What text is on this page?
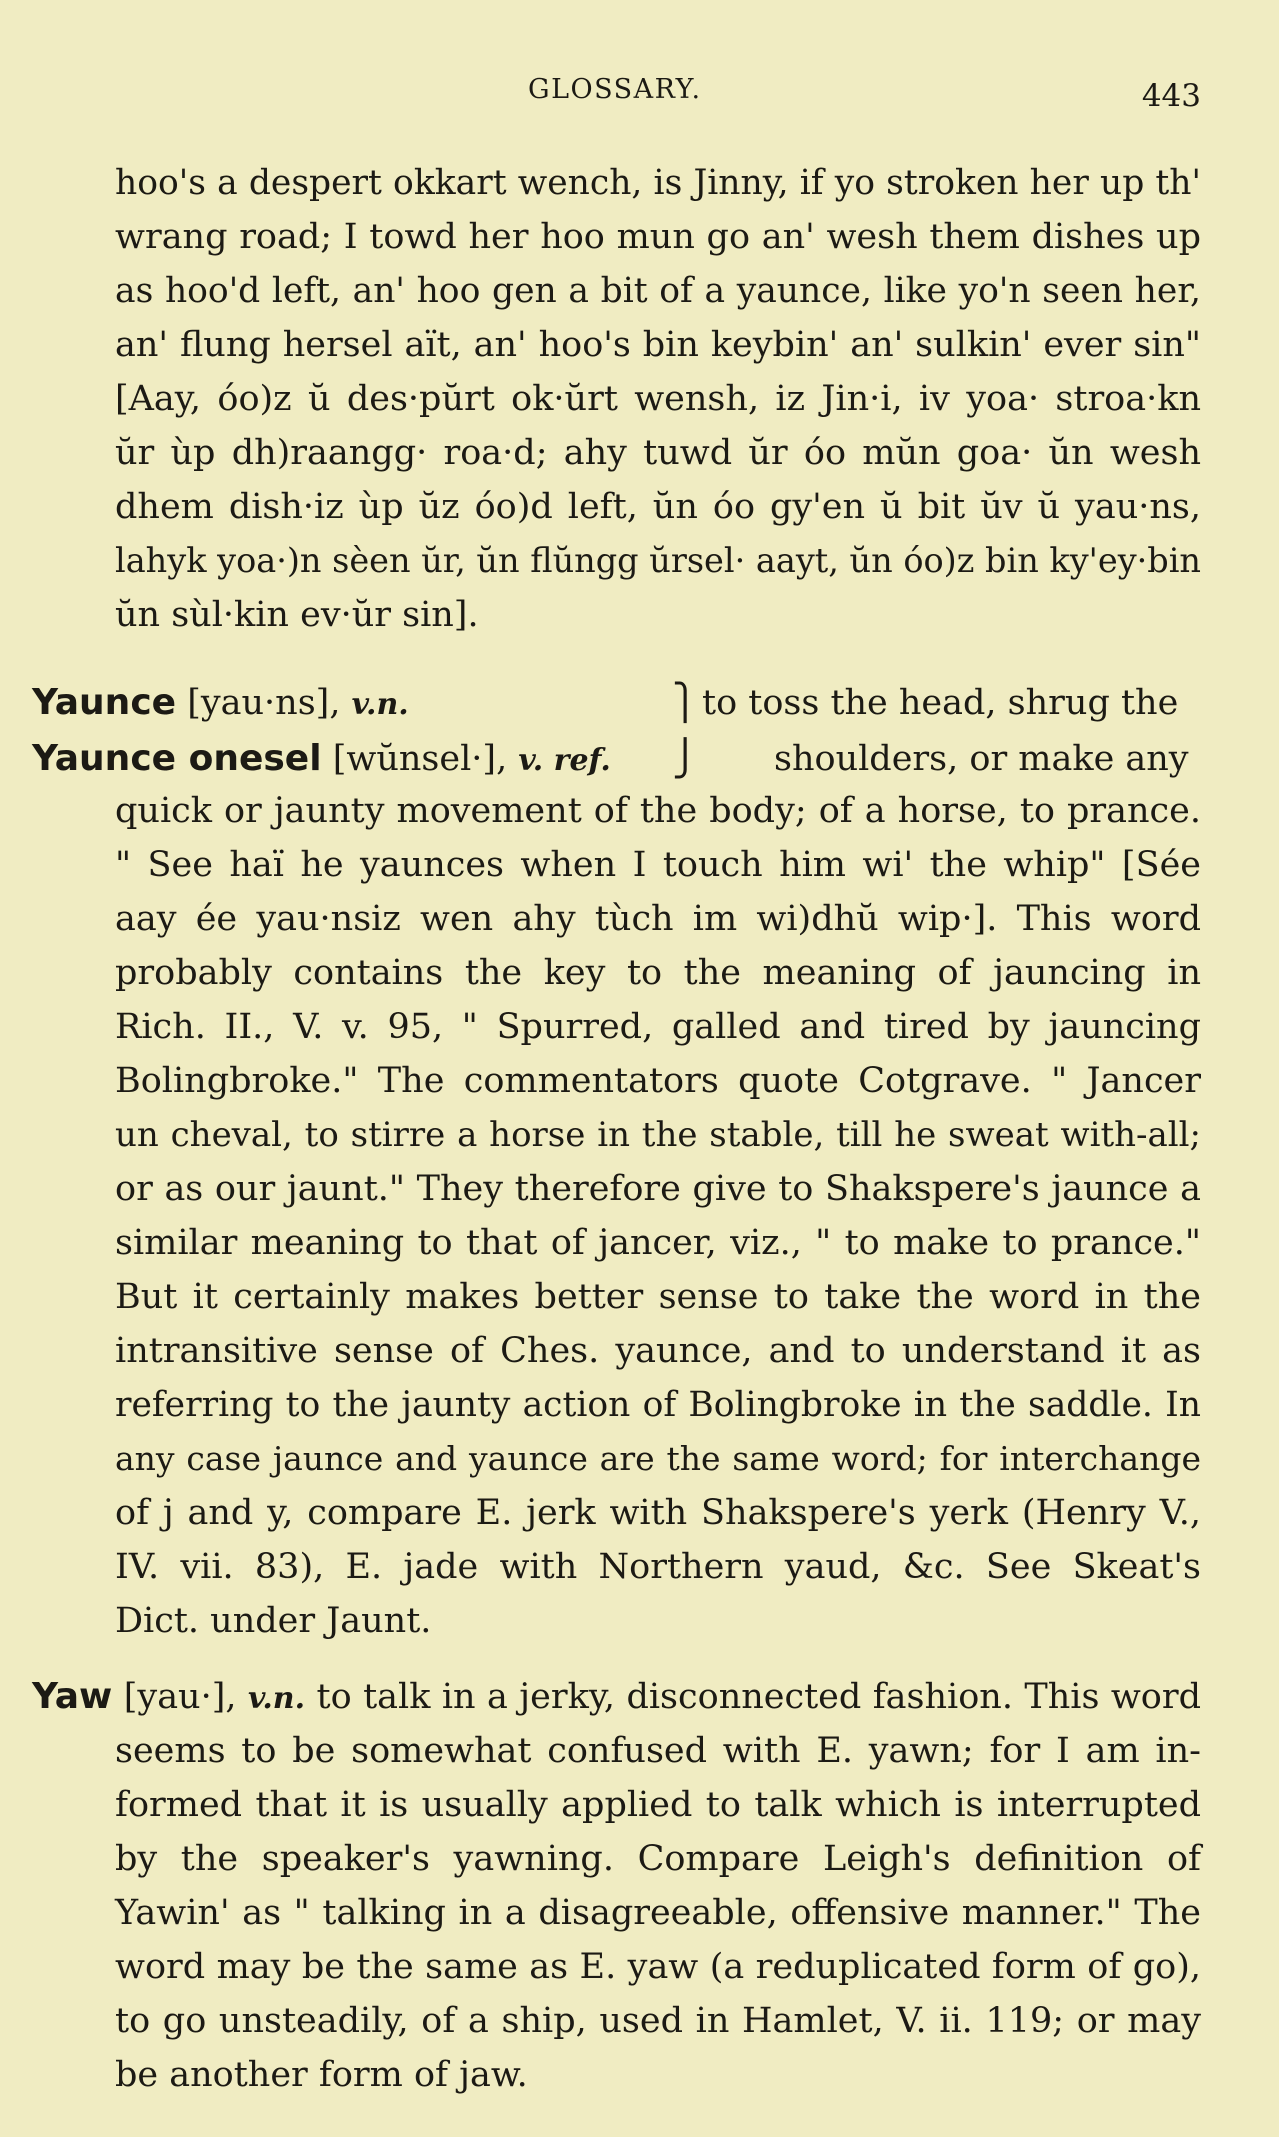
GLOSSARY.	443
hoo's a despert okkart wench, is Jinny, if yo stroken her up th'
wrang road; I towd her hoo mun go an' wesh them dishes up
as hoo'd left, an' hoo gen a bit of a yaunce, like yo'n seen her,
an' flung hersel aït, an' hoo's bin keybin' an' sulkin' ever sin"
[Aay, óo)z ŭ des·pŭrt ok·ŭrt wensh, iz Jin·i, iv yoa· stroa·kn
ŭr ùp dh)raangg· roa·d; ahy tuwd ŭr óo mŭn goa· ŭn wesh
dhem dish·iz ùp ŭz óo)d left, ŭn óo gy'en ŭ bit ŭv ŭ yau·ns,
lahyk yoa·)n sèen ŭr, ŭn flŭngg ŭrsel· aayt, ŭn óo)z bin ky'ey·bin
ŭn sùl·kin ev·ŭr sin].
Yaunce [yau·ns], v.n.	⎫ to toss the head, shrug the
Yaunce onesel [wŭnsel·], v. ref. ⎭ shoulders, or make any
quick or jaunty movement of the body; of a horse, to prance.
" See haï he yaunces when I touch him wi' the whip" [Sée
aay ée yau·nsiz wen ahy tùch im wi)dhŭ wip·]. This word
probably contains the key to the meaning of jauncing in
Rich. II., V. v. 95, " Spurred, galled and tired by jauncing
Bolingbroke." The commentators quote Cotgrave. " Jancer
un cheval, to stirre a horse in the stable, till he sweat with-all;
or as our jaunt." They therefore give to Shakspere's jaunce a
similar meaning to that of jancer, viz., " to make to prance."
But it certainly makes better sense to take the word in the
intransitive sense of Ches. yaunce, and to understand it as
referring to the jaunty action of Bolingbroke in the saddle. In
any case jaunce and yaunce are the same word; for interchange
of j and y, compare E. jerk with Shakspere's yerk (Henry V.,
IV. vii. 83), E. jade with Northern yaud, &c. See Skeat's
Dict. under Jaunt.
Yaw [yau·], v.n. to talk in a jerky, disconnected fashion. This word
seems to be somewhat confused with E. yawn; for I am in-
formed that it is usually applied to talk which is interrupted
by the speaker's yawning. Compare Leigh's definition of
Yawin' as " talking in a disagreeable, offensive manner." The
word may be the same as E. yaw (a reduplicated form of go),
to go unsteadily, of a ship, used in Hamlet, V. ii. 119; or may
be another form of jaw.
